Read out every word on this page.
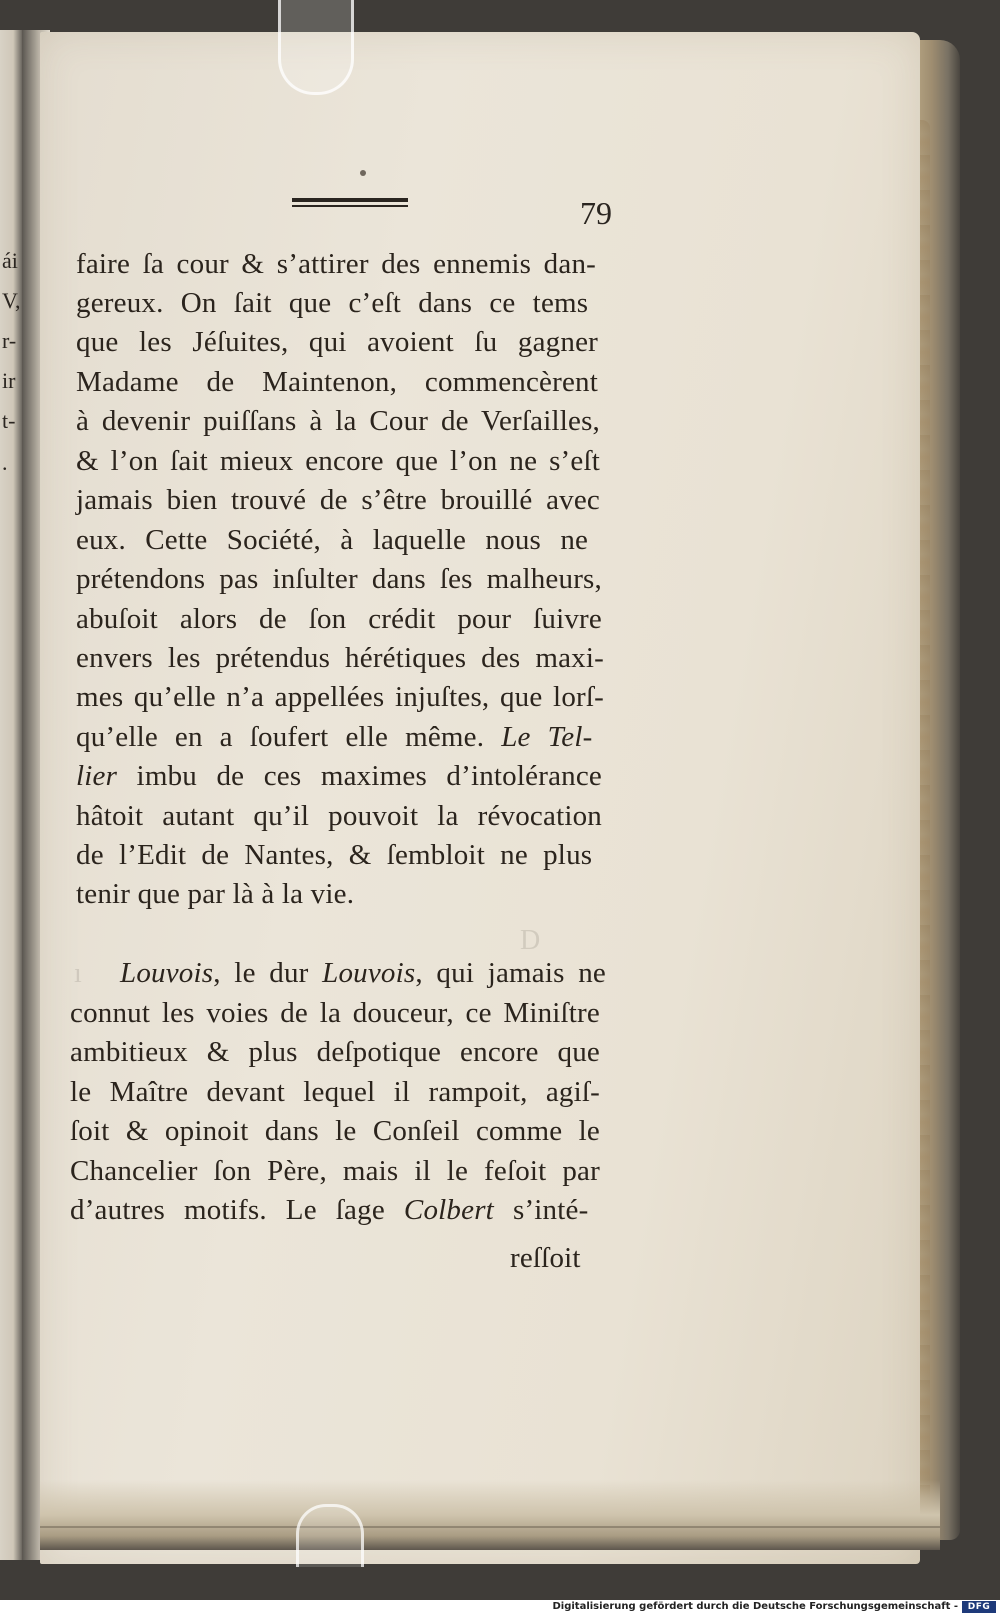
ái
V,
r-
ir
t-
.
D
ı
79
faire ſa cour & s’attirer des ennemis dan-
gereux. On ſait que c’eſt dans ce tems
que les Jéſuites, qui avoient ſu gagner
Madame de Maintenon, commencèrent
à devenir puiſſans à la Cour de Verſailles,
& l’on ſait mieux encore que l’on ne s’eſt
jamais bien trouvé de s’être brouillé avec
eux. Cette Société, à laquelle nous ne
prétendons pas inſulter dans ſes malheurs,
abuſoit alors de ſon crédit pour ſuivre
envers les prétendus hérétiques des maxi-
mes qu’elle n’a appellées injuſtes, que lorſ-
qu’elle en a ſoufert elle même. Le Tel-
lier imbu de ces maximes d’intolérance
hâtoit autant qu’il pouvoit la révocation
de l’Edit de Nantes, & ſembloit ne plus
tenir que par là à la vie.
Louvois, le dur Louvois, qui jamais ne
connut les voies de la douceur, ce Miniſtre
ambitieux & plus deſpotique encore que
le Maître devant lequel il rampoit, agiſ-
ſoit & opinoit dans le Conſeil comme le
Chancelier ſon Père, mais il le feſoit par
d’autres motifs. Le ſage Colbert s’inté-
reſſoit
Digitalisierung gefördert durch die Deutsche Forschungsgemeinschaft -	DFG
